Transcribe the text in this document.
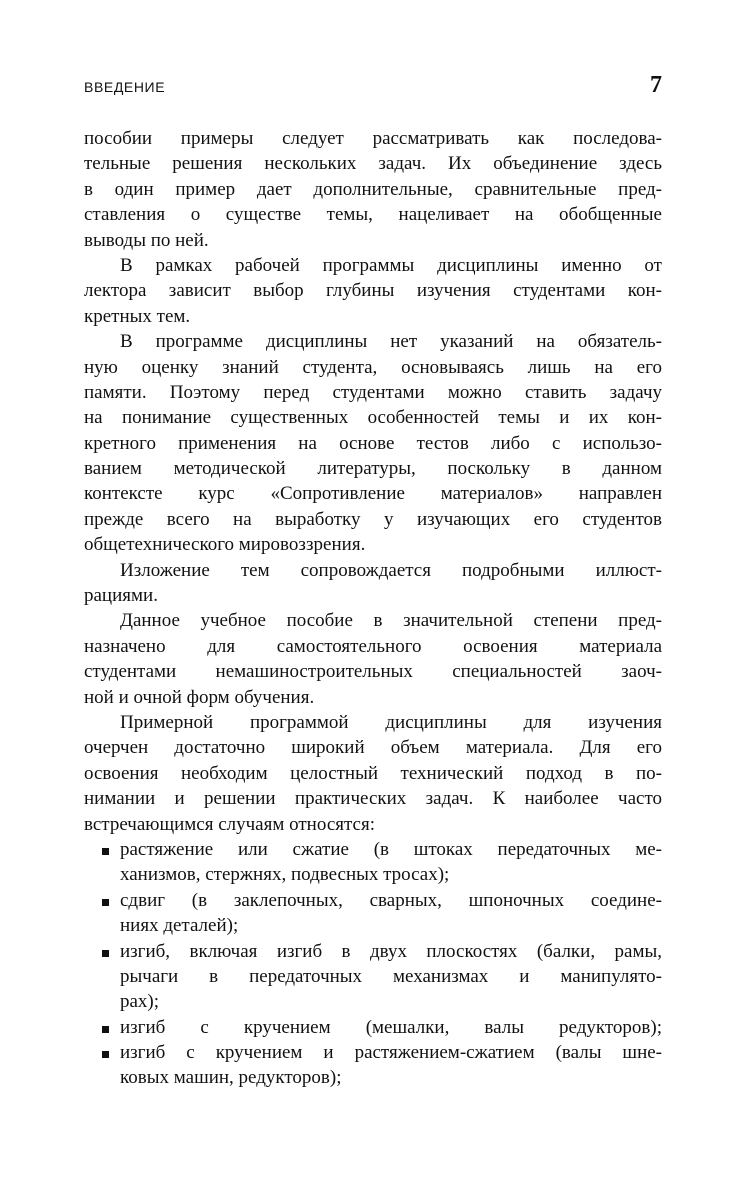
ВВЕДЕНИЕ	7
пособии примеры следует рассматривать как последова-
тельные решения нескольких задач. Их объединение здесь
в один пример дает дополнительные, сравнительные пред-
ставления о существе темы, нацеливает на обобщенные
выводы по ней.
В рамках рабочей программы дисциплины именно от
лектора зависит выбор глубины изучения студентами кон-
кретных тем.
В программе дисциплины нет указаний на обязатель-
ную оценку знаний студента, основываясь лишь на его
памяти. Поэтому перед студентами можно ставить задачу
на понимание существенных особенностей темы и их кон-
кретного применения на основе тестов либо с использо-
ванием методической литературы, поскольку в данном
контексте курс «Сопротивление материалов» направлен
прежде всего на выработку у изучающих его студентов
общетехнического мировоззрения.
Изложение тем сопровождается подробными иллюст-
рациями.
Данное учебное пособие в значительной степени пред-
назначено для самостоятельного освоения материала
студентами немашиностроительных специальностей заоч-
ной и очной форм обучения.
Примерной программой дисциплины для изучения
очерчен достаточно широкий объем материала. Для его
освоения необходим целостный технический подход в по-
нимании и решении практических задач. К наиболее часто
встречающимся случаям относятся:
растяжение или сжатие (в штоках передаточных ме-
ханизмов, стержнях, подвесных тросах);
сдвиг (в заклепочных, сварных, шпоночных соедине-
ниях деталей);
изгиб, включая изгиб в двух плоскостях (балки, рамы,
рычаги в передаточных механизмах и манипулято-
рах);
изгиб с кручением (мешалки, валы редукторов);
изгиб с кручением и растяжением-сжатием (валы шне-
ковых машин, редукторов);
